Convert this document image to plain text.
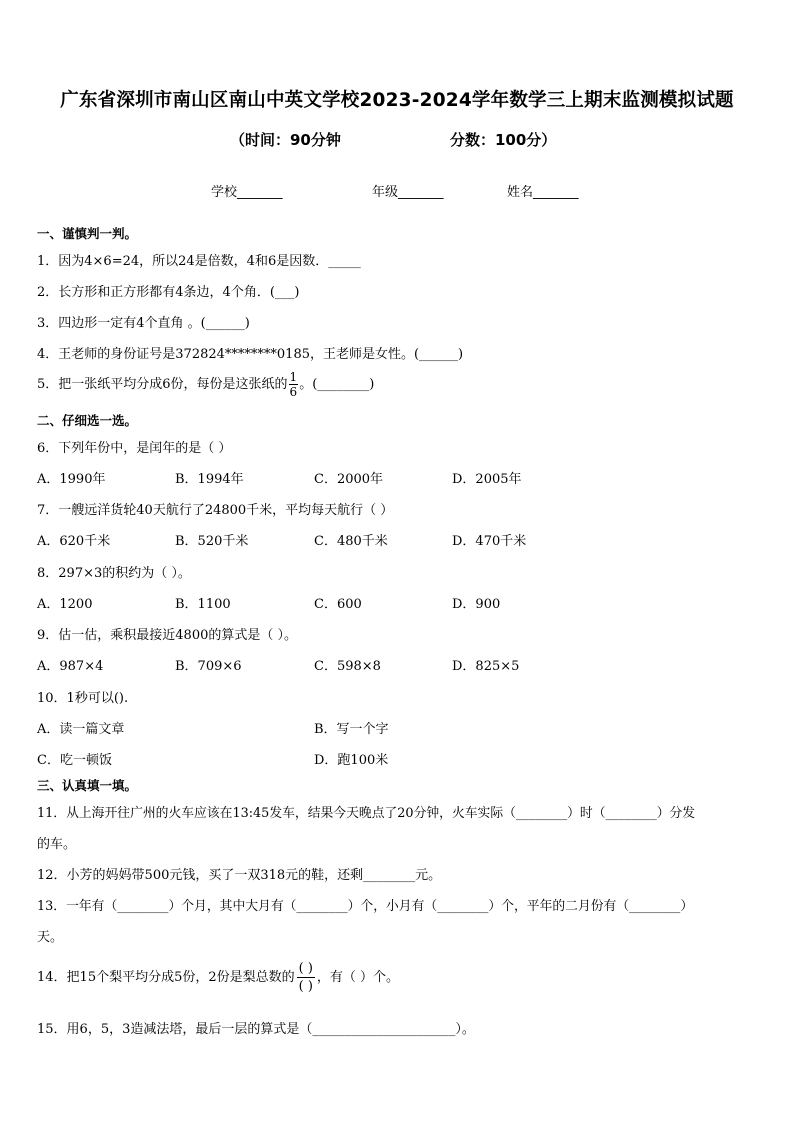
广东省深圳市南山区南山中英文学校2023-2024学年数学三上期末监测模拟试题
（时间：90分钟	分数：100分）
学校_______	年级_______	姓名_______
一、谨慎判一判。
1．因为4×6=24，所以24是倍数，4和6是因数．_____
2．长方形和正方形都有4条边，4个角．(___)
3．四边形一定有4个直角 。(______)
4．王老师的身份证号是372824********0185，王老师是女性。(______)
5．把一张纸平均分成6份，每份是这张纸的 $\frac{1}{6}$ 。(________)
二、仔细选一选。
6．下列年份中，是闰年的是（ ）
A．1990年	B．1994年	C．2000年	D．2005年
7．一艘远洋货轮40天航行了24800千米，平均每天航行（ ）
A．620千米	B．520千米	C．480千米	D．470千米
8．297×3的积约为（ ）。
A．1200	B．1100	C．600	D．900
9．估一估，乘积最接近4800的算式是（ ）。
A．987×4	B．709×6	C．598×8	D．825×5
10．1秒可以().
A．读一篇文章	B．写一个字
C．吃一顿饭	D．跑100米
三、认真填一填。
11．从上海开往广州的火车应该在13:45发车，结果今天晚点了20分钟，火车实际（________）时（________）分发
的车。
12．小芳的妈妈带500元钱，买了一双318元的鞋，还剩________元。
13．一年有（________）个月，其中大月有（________）个，小月有（________）个，平年的二月份有（________）
天。
14．把15个梨平均分成5份，2份是梨总数的 $\frac{( )}{( )}$ ，有（ ）个。
15．用6，5，3造减法塔，最后一层的算式是（______________________）。
